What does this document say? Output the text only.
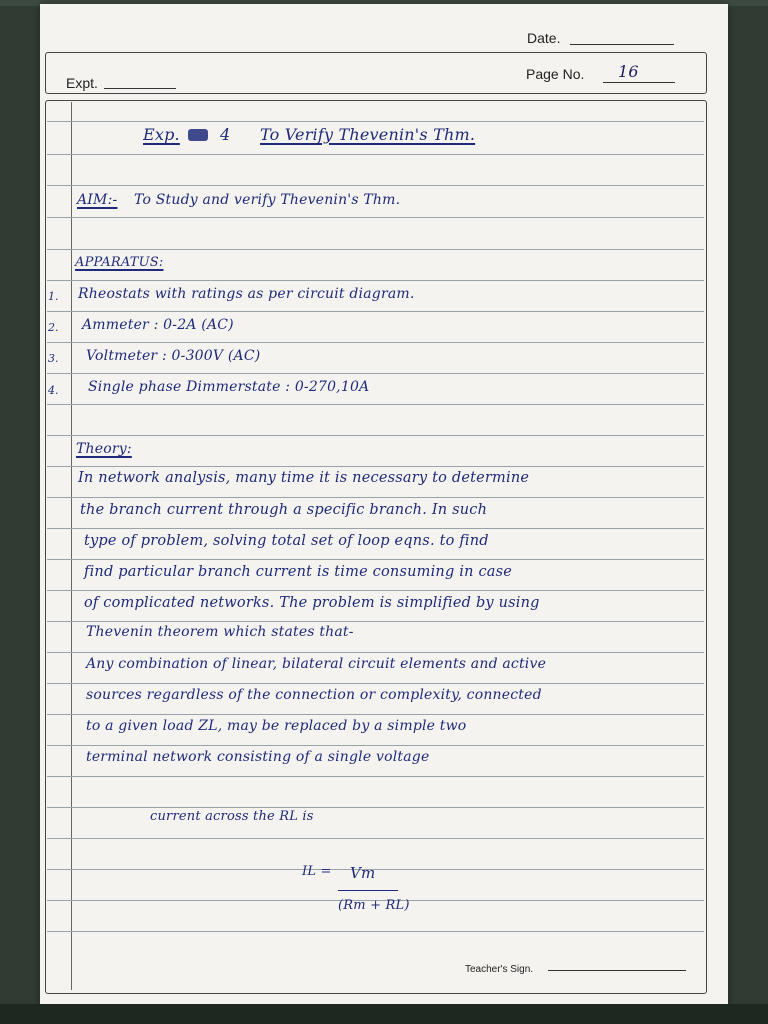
Date.
Expt.
Page No. 16
Exp.	4 To Verify Thevenin's Thm.
AIM:- To Study and verify Thevenin's Thm.
APPARATUS:
1. Rheostats with ratings as per circuit diagram.
2. Ammeter : 0-2A (AC)
3. Voltmeter : 0-300V (AC)
4. Single phase Dimmerstate : 0-270,10A
Theory:
In network analysis, many time it is necessary to determine
the branch current through a specific branch. In such
type of problem, solving total set of loop eqns. to find
find particular branch current is time consuming in case
of complicated networks. The problem is simplified by using
Thevenin theorem which states that-
Any combination of linear, bilateral circuit elements and active
sources regardless of the connection or complexity, connected
to a given load ZL, may be replaced by a simple two
terminal network consisting of a single voltage
current across the RL is
IL = Vm
(Rm + RL)
Teacher's Sign.
